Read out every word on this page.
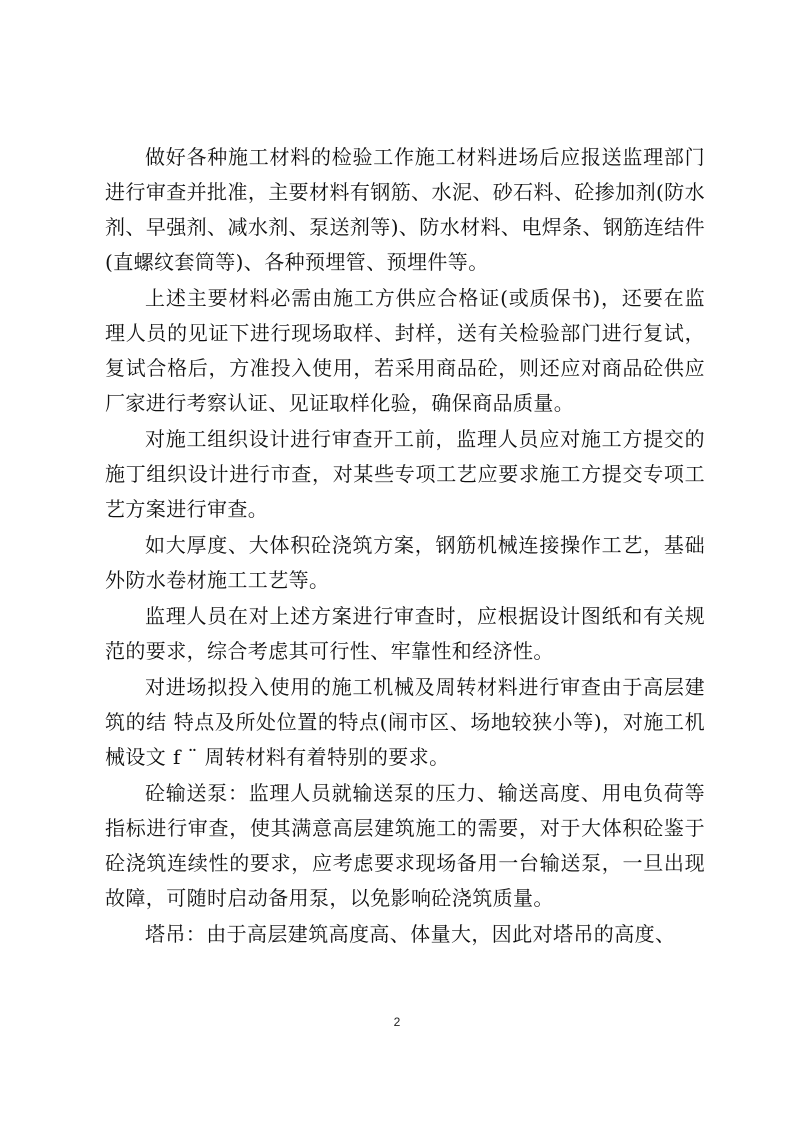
做好各种施工材料的检验工作施工材料进场后应报送监理部门进行审查并批准，主要材料有钢筋、水泥、砂石料、砼掺加剂(防水剂、早强剂、减水剂、泵送剂等)、防水材料、电焊条、钢筋连结件(直螺纹套筒等)、各种预埋管、预埋件等。

上述主要材料必需由施工方供应合格证(或质保书)，还要在监理人员的见证下进行现场取样、封样，送有关检验部门进行复试，复试合格后，方准投入使用，若采用商品砼，则还应对商品砼供应厂家进行考察认证、见证取样化验，确保商品质量。

对施工组织设计进行审查开工前，监理人员应对施工方提交的施丁组织设计进行市查，对某些专项工艺应要求施工方提交专项工艺方案进行审查。

如大厚度、大体积砼浇筑方案，钢筋机械连接操作工艺，基础外防水卷材施工工艺等。

监理人员在对上述方案进行审查时，应根据设计图纸和有关规范的要求，综合考虑其可行性、牢靠性和经济性。

对进场拟投入使用的施工机械及周转材料进行审查由于高层建筑的结 特点及所处位置的特点(闹市区、场地较狭小等)，对施工机械设文 f ¨ 周转材料有着特别的要求。

砼输送泵：监理人员就输送泵的压力、输送高度、用电负荷等指标进行审查，使其满意高层建筑施工的需要，对于大体积砼鉴于砼浇筑连续性的要求，应考虑要求现场备用一台输送泵，一旦出现故障，可随时启动备用泵，以免影响砼浇筑质量。

塔吊：由于高层建筑高度高、体量大，因此对塔吊的高度、

2
